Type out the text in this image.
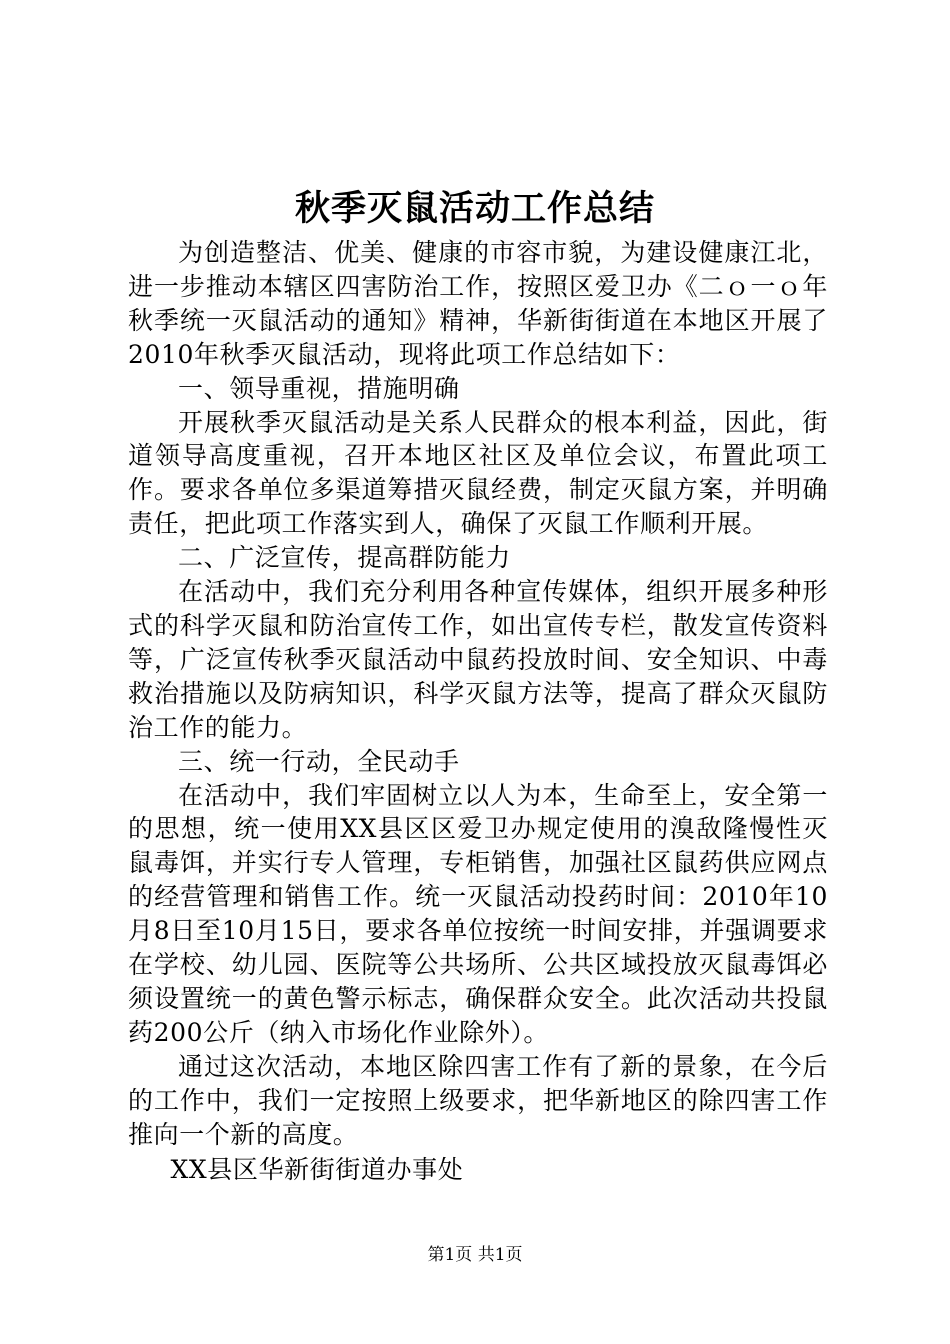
秋季灭鼠活动工作总结

为创造整洁、优美、健康的市容市貌，为建设健康江北，进一步推动本辖区四害防治工作，按照区爱卫办《二ｏ一ｏ年秋季统一灭鼠活动的通知》精神，华新街街道在本地区开展了2010年秋季灭鼠活动，现将此项工作总结如下：

一、领导重视，措施明确

开展秋季灭鼠活动是关系人民群众的根本利益，因此，街道领导高度重视，召开本地区社区及单位会议，布置此项工作。要求各单位多渠道筹措灭鼠经费，制定灭鼠方案，并明确责任，把此项工作落实到人，确保了灭鼠工作顺利开展。

二、广泛宣传，提高群防能力

在活动中，我们充分利用各种宣传媒体，组织开展多种形式的科学灭鼠和防治宣传工作，如出宣传专栏，散发宣传资料等，广泛宣传秋季灭鼠活动中鼠药投放时间、安全知识、中毒救治措施以及防病知识，科学灭鼠方法等，提高了群众灭鼠防治工作的能力。

三、统一行动，全民动手

在活动中，我们牢固树立以人为本，生命至上，安全第一的思想，统一使用XX县区区爱卫办规定使用的溴敌隆慢性灭鼠毒饵，并实行专人管理，专柜销售，加强社区鼠药供应网点的经营管理和销售工作。统一灭鼠活动投药时间：2010年10月8日至10月15日，要求各单位按统一时间安排，并强调要求在学校、幼儿园、医院等公共场所、公共区域投放灭鼠毒饵必须设置统一的黄色警示标志，确保群众安全。此次活动共投鼠药200公斤（纳入市场化作业除外）。

通过这次活动，本地区除四害工作有了新的景象，在今后的工作中，我们一定按照上级要求，把华新地区的除四害工作推向一个新的高度。

XX县区华新街街道办事处

第1页 共1页
